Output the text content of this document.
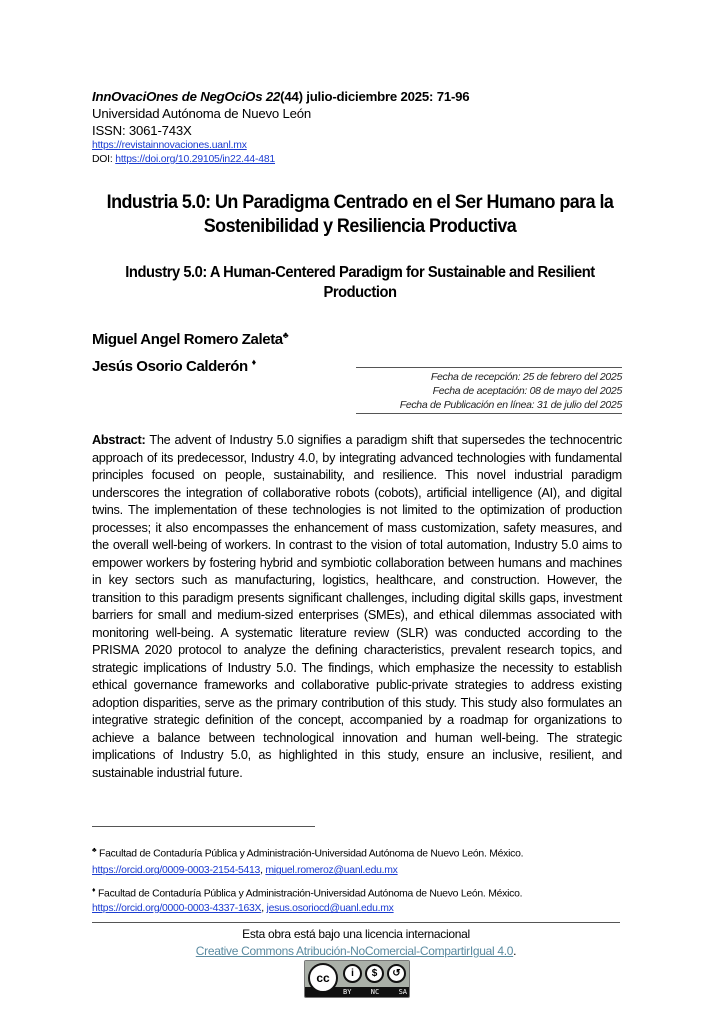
InnOvaciOnes de NegOciOs 22(44) julio-diciembre 2025: 71-96
Universidad Autónoma de Nuevo León
ISSN: 3061-743X
https://revistainnovaciones.uanl.mx
DOI: https://doi.org/10.29105/in22.44-481
Industria 5.0: Un Paradigma Centrado en el Ser Humano para la Sostenibilidad y Resiliencia Productiva
Industry 5.0: A Human-Centered Paradigm for Sustainable and Resilient Production
Miguel Angel Romero Zaleta♣
Jesús Osorio Calderón ♦
Fecha de recepción: 25 de febrero del 2025
Fecha de aceptación: 08 de mayo del 2025
Fecha de Publicación en línea: 31 de julio del 2025
Abstract: The advent of Industry 5.0 signifies a paradigm shift that supersedes the technocentric approach of its predecessor, Industry 4.0, by integrating advanced technologies with fundamental principles focused on people, sustainability, and resilience. This novel industrial paradigm underscores the integration of collaborative robots (cobots), artificial intelligence (AI), and digital twins. The implementation of these technologies is not limited to the optimization of production processes; it also encompasses the enhancement of mass customization, safety measures, and the overall well-being of workers. In contrast to the vision of total automation, Industry 5.0 aims to empower workers by fostering hybrid and symbiotic collaboration between humans and machines in key sectors such as manufacturing, logistics, healthcare, and construction. However, the transition to this paradigm presents significant challenges, including digital skills gaps, investment barriers for small and medium-sized enterprises (SMEs), and ethical dilemmas associated with monitoring well-being. A systematic literature review (SLR) was conducted according to the PRISMA 2020 protocol to analyze the defining characteristics, prevalent research topics, and strategic implications of Industry 5.0. The findings, which emphasize the necessity to establish ethical governance frameworks and collaborative public-private strategies to address existing adoption disparities, serve as the primary contribution of this study. This study also formulates an integrative strategic definition of the concept, accompanied by a roadmap for organizations to achieve a balance between technological innovation and human well-being. The strategic implications of Industry 5.0, as highlighted in this study, ensure an inclusive, resilient, and sustainable industrial future.
♣ Facultad de Contaduría Pública y Administración-Universidad Autónoma de Nuevo León. México.
https://orcid.org/0009-0003-2154-5413, miguel.romeroz@uanl.edu.mx
♦ Facultad de Contaduría Pública y Administración-Universidad Autónoma de Nuevo León. México.
https://orcid.org/0000-0003-4337-163X, jesus.osoriocd@uanl.edu.mx
Esta obra está bajo una licencia internacional
Creative Commons Atribución-NoComercial-CompartirIgual 4.0.
cc	i	$	↺
BY	NC	SA
